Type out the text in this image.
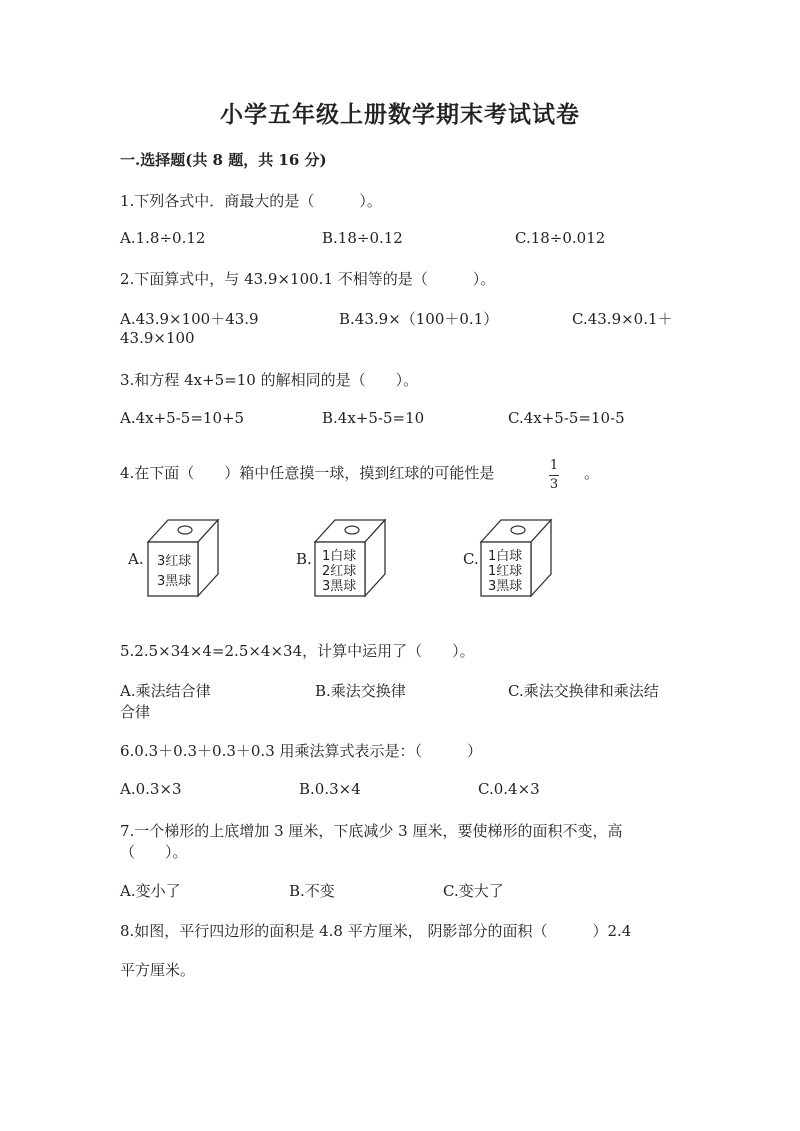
小学五年级上册数学期末考试试卷
一.选择题(共 8 题，共 16 分)
1.下列各式中．商最大的是（　　　）。
A.1.8÷0.12	B.18÷0.12	C.18÷0.012
2.下面算式中，与 43.9×100.1 不相等的是（　　　）。
A.43.9×100＋43.9	B.43.9×（100＋0.1）	C.43.9×0.1＋
43.9×100
3.和方程 4x+5=10 的解相同的是（　　）。
A.4x+5-5=10+5	B.4x+5-5=10	C.4x+5-5=10-5
4.在下面（　　）箱中任意摸一球，摸到红球的可能性是	$\frac{1}{3}$ 。
A. 3红球
3黑球
B. 1白球
2红球
3黑球
C. 1白球
1红球
3黑球
5.2.5×34×4=2.5×4×34，计算中运用了（　　）。
A.乘法结合律	B.乘法交换律	C.乘法交换律和乘法结
合律
6.0.3＋0.3＋0.3＋0.3 用乘法算式表示是：（　　　）
A.0.3×3	B.0.3×4	C.0.4×3
7.一个梯形的上底增加 3 厘米，下底减少 3 厘米，要使梯形的面积不变，高
（　　）。
A.变小了	B.不变	C.变大了
8.如图，平行四边形的面积是 4.8 平方厘米， 阴影部分的面积（　　　）2.4
平方厘米。
